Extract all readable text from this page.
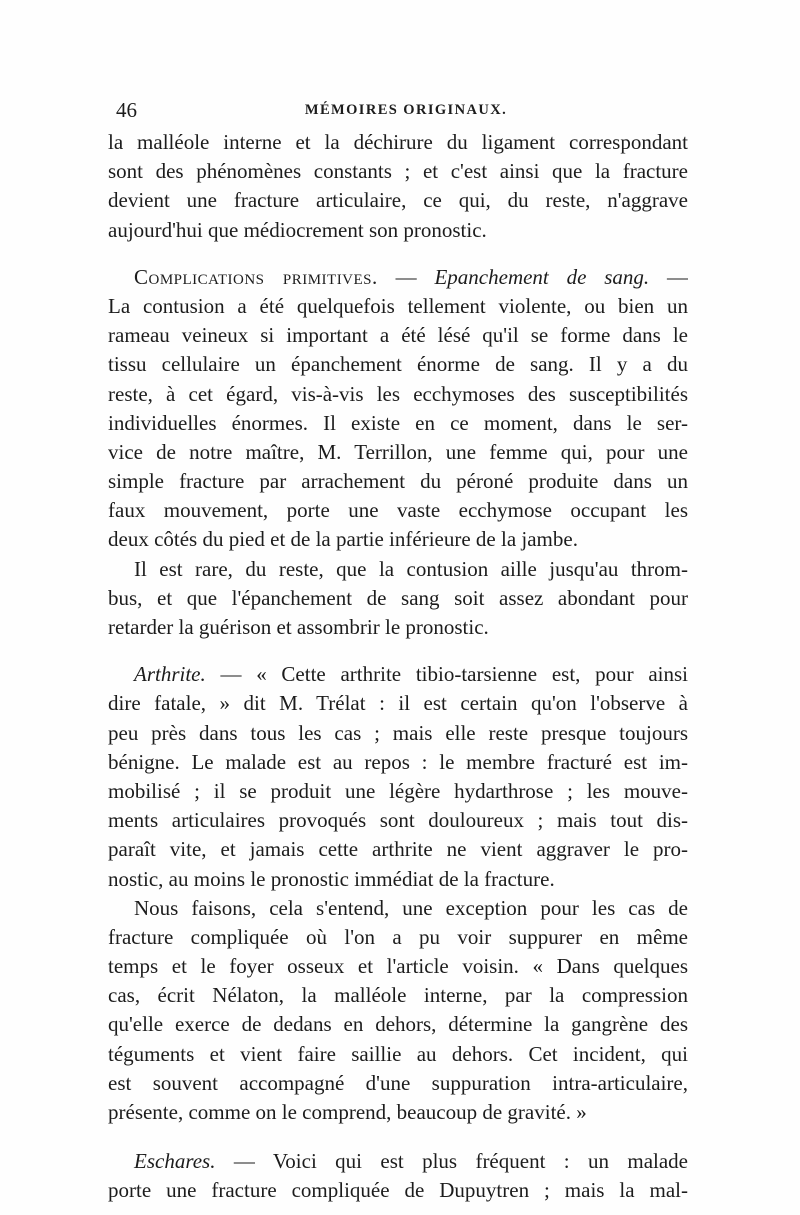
46	MÉMOIRES ORIGINAUX.
la malléole interne et la déchirure du ligament correspondant
sont des phénomènes constants ; et c'est ainsi que la fracture
devient une fracture articulaire, ce qui, du reste, n'aggrave
aujourd'hui que médiocrement son pronostic.
Complications primitives. — Epanchement de sang. —
La contusion a été quelquefois tellement violente, ou bien un
rameau veineux si important a été lésé qu'il se forme dans le
tissu cellulaire un épanchement énorme de sang. Il y a du
reste, à cet égard, vis-à-vis les ecchymoses des susceptibilités
individuelles énormes. Il existe en ce moment, dans le ser-
vice de notre maître, M. Terrillon, une femme qui, pour une
simple fracture par arrachement du péroné produite dans un
faux mouvement, porte une vaste ecchymose occupant les
deux côtés du pied et de la partie inférieure de la jambe.
Il est rare, du reste, que la contusion aille jusqu'au throm-
bus, et que l'épanchement de sang soit assez abondant pour
retarder la guérison et assombrir le pronostic.
Arthrite. — « Cette arthrite tibio-tarsienne est, pour ainsi
dire fatale, » dit M. Trélat : il est certain qu'on l'observe à
peu près dans tous les cas ; mais elle reste presque toujours
bénigne. Le malade est au repos : le membre fracturé est im-
mobilisé ; il se produit une légère hydarthrose ; les mouve-
ments articulaires provoqués sont douloureux ; mais tout dis-
paraît vite, et jamais cette arthrite ne vient aggraver le pro-
nostic, au moins le pronostic immédiat de la fracture.
Nous faisons, cela s'entend, une exception pour les cas de
fracture compliquée où l'on a pu voir suppurer en même
temps et le foyer osseux et l'article voisin. « Dans quelques
cas, écrit Nélaton, la malléole interne, par la compression
qu'elle exerce de dedans en dehors, détermine la gangrène des
téguments et vient faire saillie au dehors. Cet incident, qui
est souvent accompagné d'une suppuration intra-articulaire,
présente, comme on le comprend, beaucoup de gravité. »
Eschares. — Voici qui est plus fréquent : un malade
porte une fracture compliquée de Dupuytren ; mais la mal-
